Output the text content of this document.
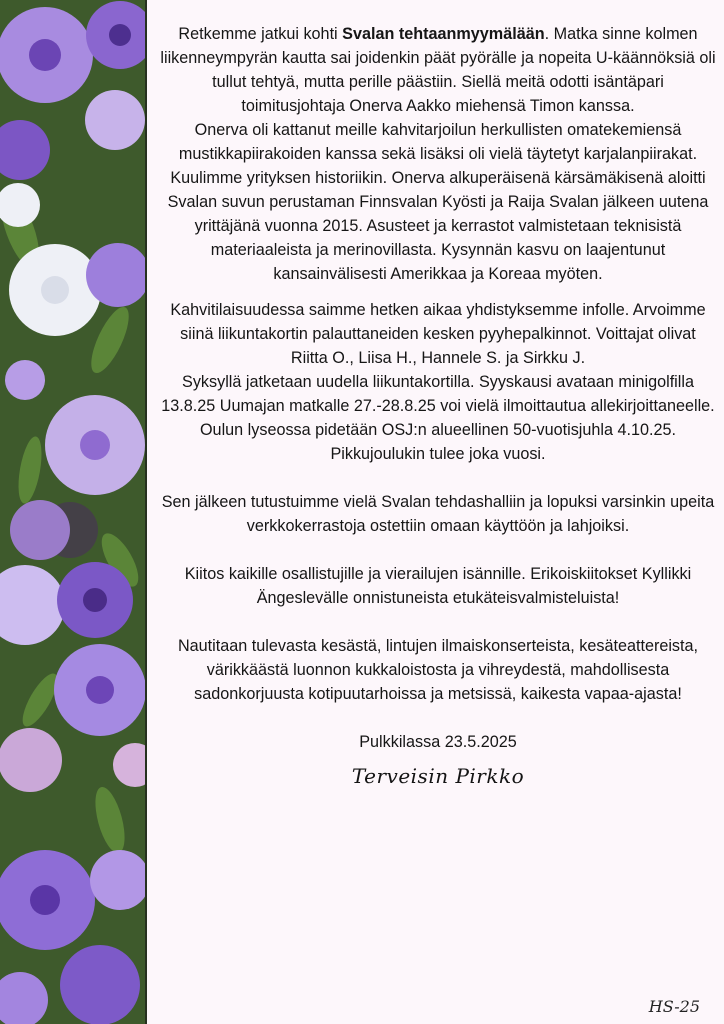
Retkemme jatkui kohti Svalan tehtaanmyymälään. Matka sinne kolmen liikenneympyrän kautta sai joidenkin päät pyörälle ja nopeita U-käännöksiä oli tullut tehtyä, mutta perille päästiin. Siellä meitä odotti isäntäpari toimitusjohtaja Onerva Aakko miehensä Timon kanssa.

Onerva oli kattanut meille kahvitarjoilun herkullisten omatekemiensä mustikkapiirakoiden kanssa sekä lisäksi oli vielä täytetyt karjalanpiirakat.

Kuulimme yrityksen historiikin. Onerva alkuperäisenä kärsämäkisenä aloitti Svalan suvun perustaman Finnsvalan Kyösti ja Raija Svalan jälkeen uutena yrittäjänä vuonna 2015. Asusteet ja kerrastot valmistetaan teknisistä materiaaleista ja merinovillasta. Kysynnän kasvu on laajentunut kansainvälisesti Amerikkaa ja Koreaa myöten.

Kahvitilaisuudessa saimme hetken aikaa yhdistyksemme infolle. Arvoimme siinä liikuntakortin palauttaneiden kesken pyyhepalkinnot. Voittajat olivat

Riitta O., Liisa H., Hannele S. ja Sirkku J.

Syksyllä jatketaan uudella liikuntakortilla. Syyskausi avataan minigolfilla 13.8.25 Uumajan matkalle 27.-28.8.25 voi vielä ilmoittautua allekirjoittaneelle.

Oulun lyseossa pidetään OSJ:n alueellinen 50-vuotisjuhla 4.10.25. Pikkujoulukin tulee joka vuosi.

Sen jälkeen tutustuimme vielä Svalan tehdashalliin ja lopuksi varsinkin upeita verkkokerrastoja ostettiin omaan käyttöön ja lahjoiksi.

Kiitos kaikille osallistujille ja vierailujen isännille. Erikoiskiitokset Kyllikki Ängeslevälle onnistuneista etukäteisvalmisteluista!

Nautitaan tulevasta kesästä, lintujen ilmaiskonserteista, kesäteattereista, värikkäästä luonnon kukkaloistosta ja vihreydestä, mahdollisesta sadonkorjuusta kotipuutarhoissa ja metsissä, kaikesta vapaa-ajasta!

Pulkkilassa 23.5.2025

Terveisin Pirkko
HS-25
